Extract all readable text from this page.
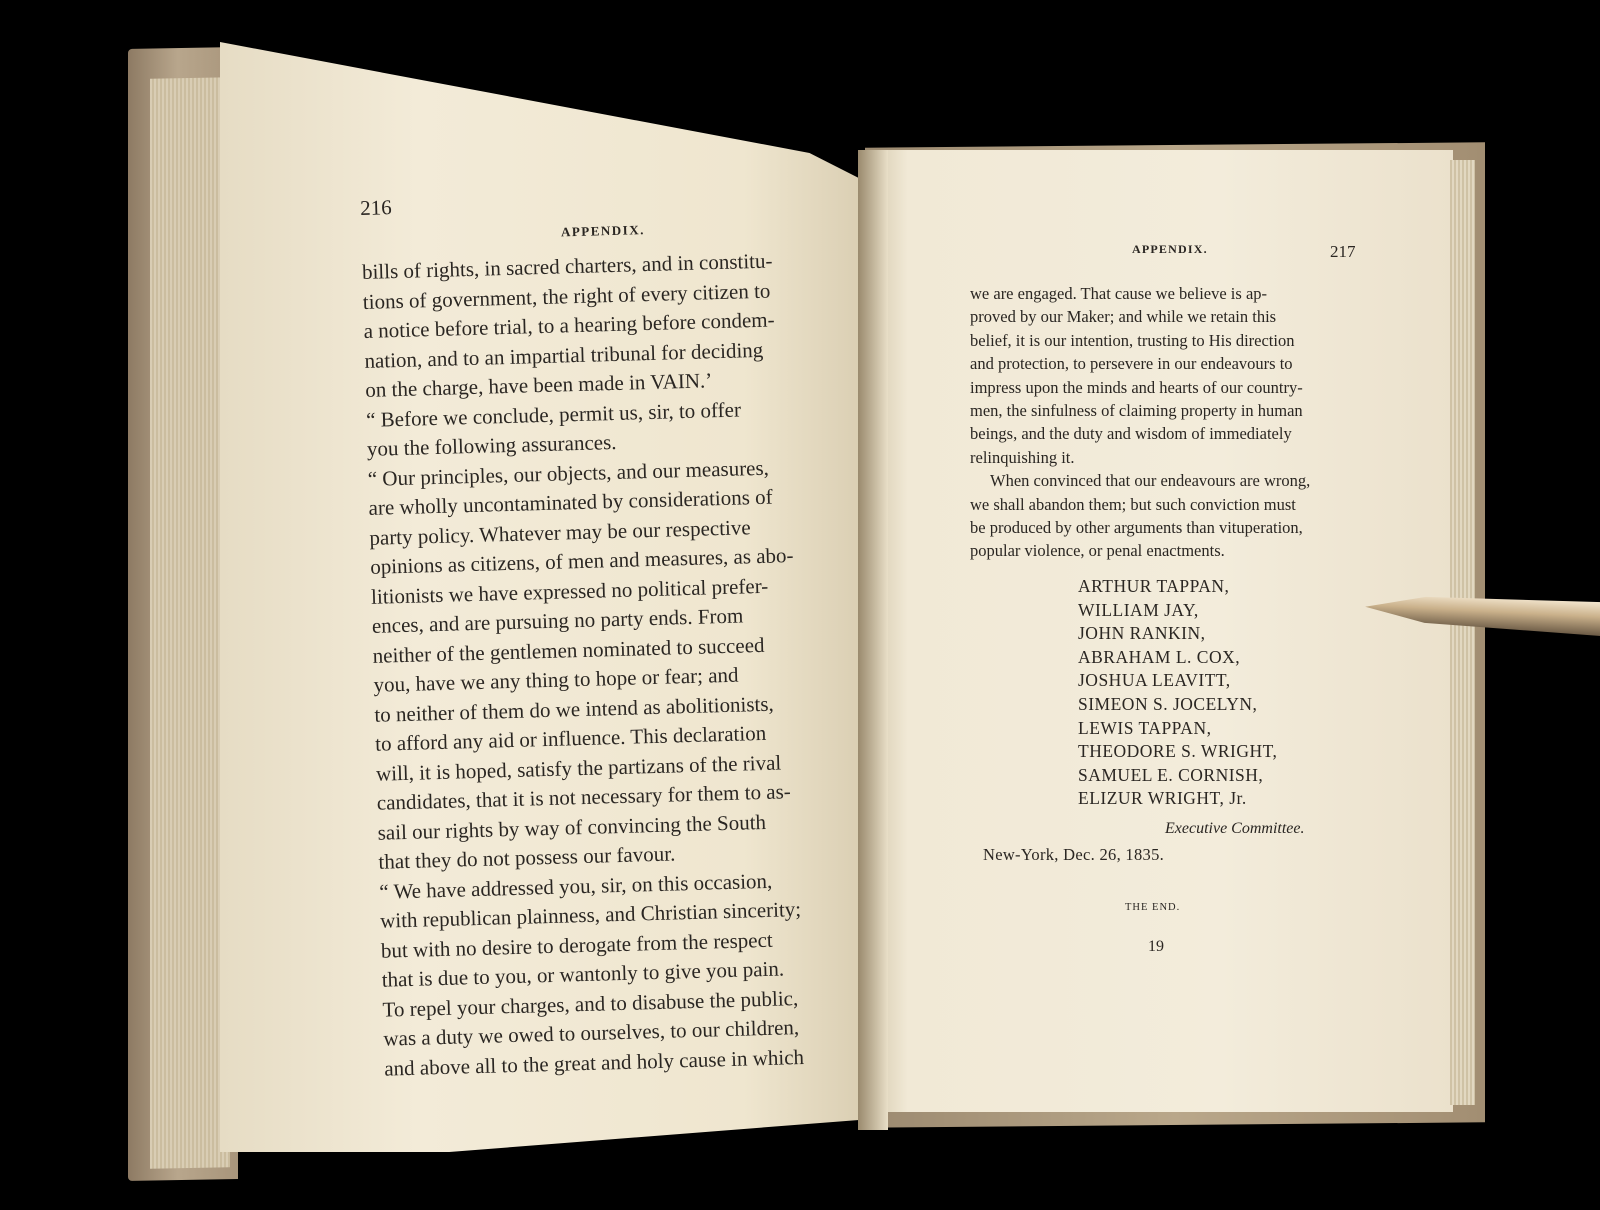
216
APPENDIX.
bills of rights, in sacred charters, and in constitu-
tions of government, the right of every citizen to
a notice before trial, to a hearing before condem-
nation, and to an impartial tribunal for deciding
on the charge, have been made in VAIN.’
“ Before we conclude, permit us, sir, to offer
you the following assurances.
“ Our principles, our objects, and our measures,
are wholly uncontaminated by considerations of
party policy. Whatever may be our respective
opinions as citizens, of men and measures, as abo-
litionists we have expressed no political prefer-
ences, and are pursuing no party ends. From
neither of the gentlemen nominated to succeed
you, have we any thing to hope or fear; and
to neither of them do we intend as abolitionists,
to afford any aid or influence. This declaration
will, it is hoped, satisfy the partizans of the rival
candidates, that it is not necessary for them to as-
sail our rights by way of convincing the South
that they do not possess our favour.
“ We have addressed you, sir, on this occasion,
with republican plainness, and Christian sincerity;
but with no desire to derogate from the respect
that is due to you, or wantonly to give you pain.
To repel your charges, and to disabuse the public,
was a duty we owed to ourselves, to our children,
and above all to the great and holy cause in which
APPENDIX.	217
we are engaged. That cause we believe is ap-
proved by our Maker; and while we retain this
belief, it is our intention, trusting to His direction
and protection, to persevere in our endeavours to
impress upon the minds and hearts of our country-
men, the sinfulness of claiming property in human
beings, and the duty and wisdom of immediately
relinquishing it.
When convinced that our endeavours are wrong,
we shall abandon them; but such conviction must
be produced by other arguments than vituperation,
popular violence, or penal enactments.
ARTHUR TAPPAN,
WILLIAM JAY,
JOHN RANKIN,
ABRAHAM L. COX,
JOSHUA LEAVITT,
SIMEON S. JOCELYN,
LEWIS TAPPAN,
THEODORE S. WRIGHT,
SAMUEL E. CORNISH,
ELIZUR WRIGHT, Jr.
Executive Committee.
New-York, Dec. 26, 1835.
THE END.
19
